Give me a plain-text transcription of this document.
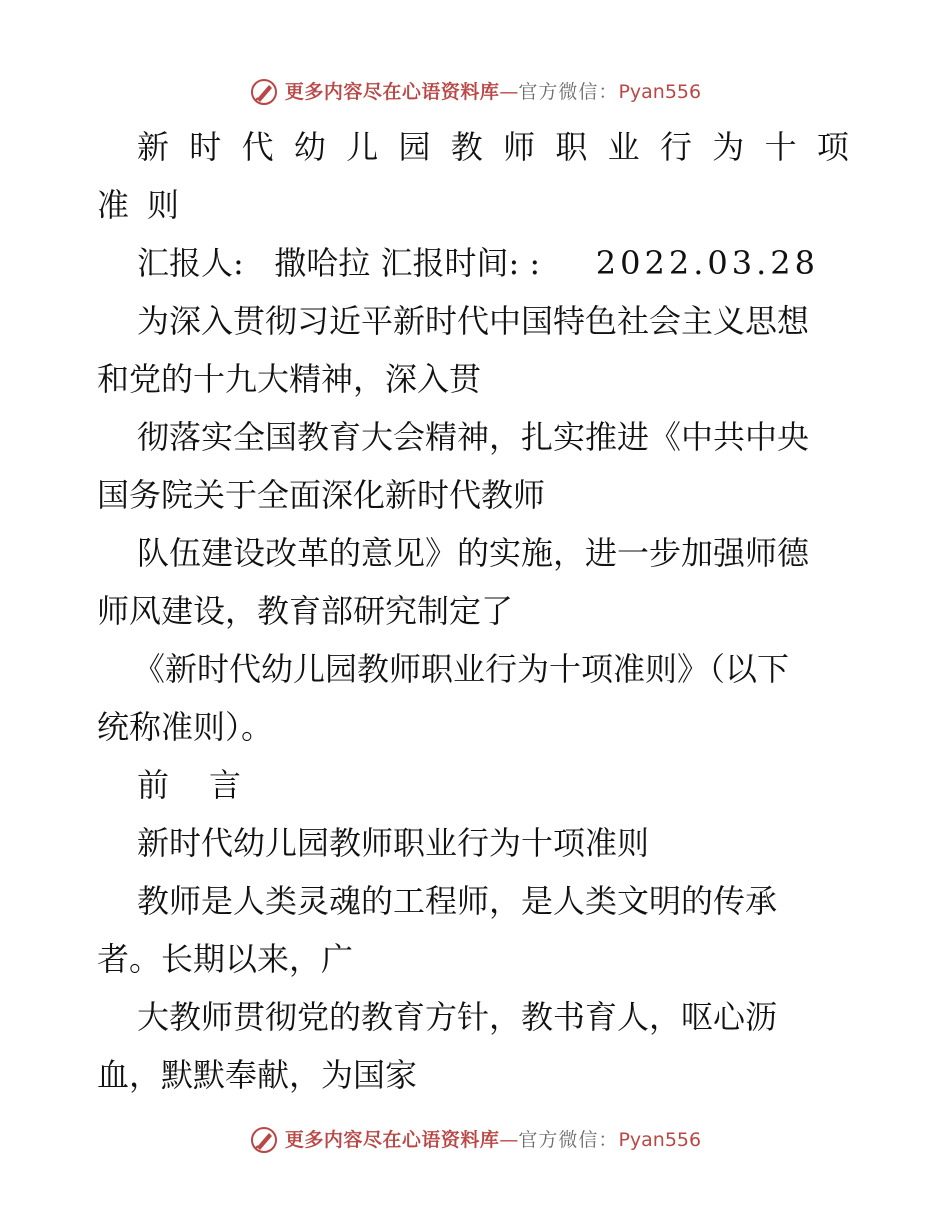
更多内容尽在心语资料库—官方微信：Pyan556
新 时 代 幼 儿 园 教 师 职 业 行 为 十 项
准 则
汇报人:   撒哈拉 汇报时间: : 2022.03.28
为深入贯彻习近平新时代中国特色社会主义思想
和党的十九大精神，深入贯
彻落实全国教育大会精神，扎实推进《中共中央
国务院关于全面深化新时代教师
队伍建设改革的意见》的实施，进一步加强师德
师风建设，教育部研究制定了
《新时代幼儿园教师职业行为十项准则》（以下
统称准则）。
前 言
新时代幼儿园教师职业行为十项准则
教师是人类灵魂的工程师，是人类文明的传承
者。长期以来，广
大教师贯彻党的教育方针，教书育人，呕心沥
血，默默奉献，为国家
更多内容尽在心语资料库—官方微信：Pyan556
